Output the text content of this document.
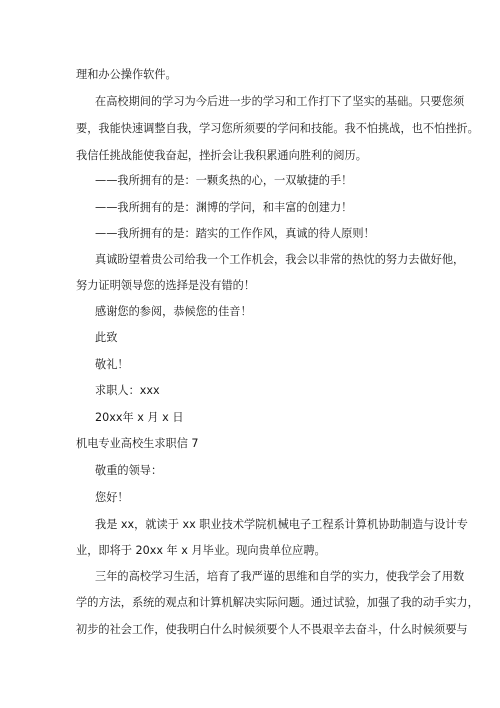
理和办公操作软件。
在高校期间的学习为今后进一步的学习和工作打下了坚实的基础。只要您须
要，我能快速调整自我，学习您所须要的学问和技能。我不怕挑战，也不怕挫折。
我信任挑战能使我奋起，挫折会让我积累通向胜利的阅历。
——我所拥有的是：一颗炙热的心，一双敏捷的手！
——我所拥有的是：渊博的学问，和丰富的创建力！
——我所拥有的是：踏实的工作作风，真诚的待人原则！
真诚盼望着贵公司给我一个工作机会，我会以非常的热忱的努力去做好他，
努力证明领导您的选择是没有错的！
感谢您的参阅，恭候您的佳音！
此致
敬礼！
求职人：xxx
20xx年 x 月 x 日
机电专业高校生求职信 7
敬重的领导：
您好！
我是 xx，就读于 xx 职业技术学院机械电子工程系计算机协助制造与设计专
业，即将于 20xx 年 x 月毕业。现向贵单位应聘。
三年的高校学习生活，培育了我严谨的思维和自学的实力，使我学会了用数
学的方法，系统的观点和计算机解决实际问题。通过试验，加强了我的动手实力，
初步的社会工作，使我明白什么时候须要个人不畏艰辛去奋斗，什么时候须要与
